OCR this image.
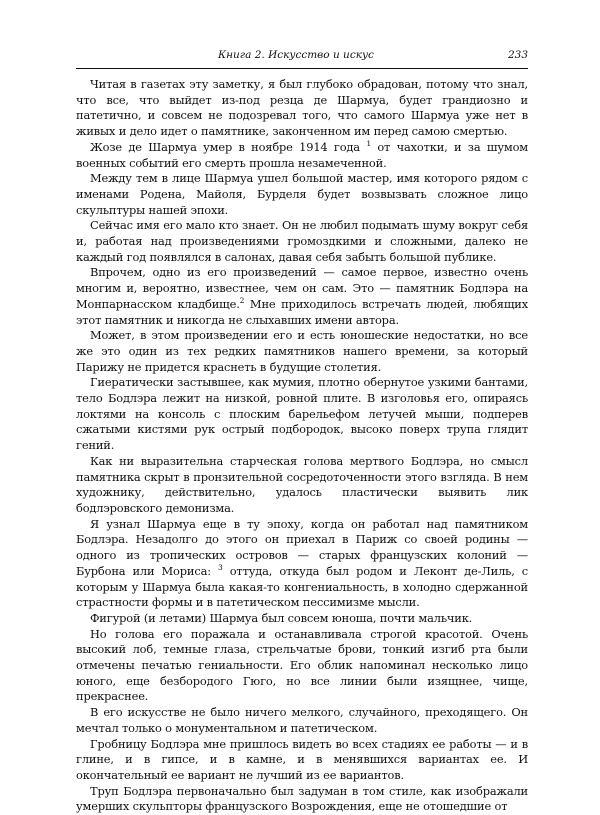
Книга 2. Искусство и искус	233

Читая в газетах эту заметку, я был глубоко обрадован, потому что знал, что все, что выйдет из-под резца де Шармуа, будет грандиозно и патетично, и совсем не подозревал того, что самого Шармуа уже нет в живых и дело идет о памятнике, законченном им перед самою смертью.

Жозе де Шармуа умер в ноябре 1914 года $^1$ от чахотки, и за шумом военных событий его смерть прошла незамеченной.

Между тем в лице Шармуа ушел большой мастер, имя которого рядом с именами Родена, Майоля, Бурделя будет возвызвать сложное лицо скульптуры нашей эпохи.

Сейчас имя его мало кто знает. Он не любил подымать шуму вокруг себя и, работая над произведениями громоздкими и сложными, далеко не каждый год появлялся в салонах, давая себя забыть большой публике.

Впрочем, одно из его произведений — самое первое, известно очень многим и, вероятно, известнее, чем он сам. Это — памятник Бодлэра на Монпарнасском кладбище.$^2$ Мне приходилось встречать людей, любящих этот памятник и никогда не слыхавших имени автора.

Может, в этом произведении его и есть юношеские недостатки, но все же это один из тех редких памятников нашего времени, за который Парижу не придется краснеть в будущие столетия.

Гиератически застывшее, как мумия, плотно обернутое узкими бантами, тело Бодлэра лежит на низкой, ровной плите. В изголовья его, опираясь локтями на консоль с плоским барельефом летучей мыши, подперев сжатыми кистями рук острый подбородок, высоко поверх трупа глядит гений.

Как ни выразительна старческая голова мертвого Бодлэра, но смысл памятника скрыт в пронзительной сосредоточенности этого взгляда. В нем художнику, действительно, удалось пластически выявить лик бодлэровского демонизма.

Я узнал Шармуа еще в ту эпоху, когда он работал над памятником Бодлэра. Незадолго до этого он приехал в Париж со своей родины — одного из тропических островов — старых французских колоний — Бурбона или Мориса: $^3$ оттуда, откуда был родом и Леконт де-Лиль, с которым у Шармуа была какая-то конгениальность, в холодно сдержанной страстности формы и в патетическом пессимизме мысли.

Фигурой (и летами) Шармуа был совсем юноша, почти мальчик.

Но голова его поражала и останавливала строгой красотой. Очень высокий лоб, темные глаза, стрельчатые брови, тонкий изгиб рта были отмечены печатью гениальности. Его облик напоминал несколько лицо юного, еще безбородого Гюго, но все линии были изящнее, чище, прекраснее.

В его искусстве не было ничего мелкого, случайного, преходящего. Он мечтал только о монументальном и патетическом.

Гробницу Бодлэра мне пришлось видеть во всех стадиях ее работы — и в глине, и в гипсе, и в камне, и в менявшихся вариантах ее. И окончательный ее вариант не лучший из ее вариантов.

Труп Бодлэра первоначально был задуман в том стиле, как изображали умерших скульпторы французского Возрождения, еще не отошедшие от
